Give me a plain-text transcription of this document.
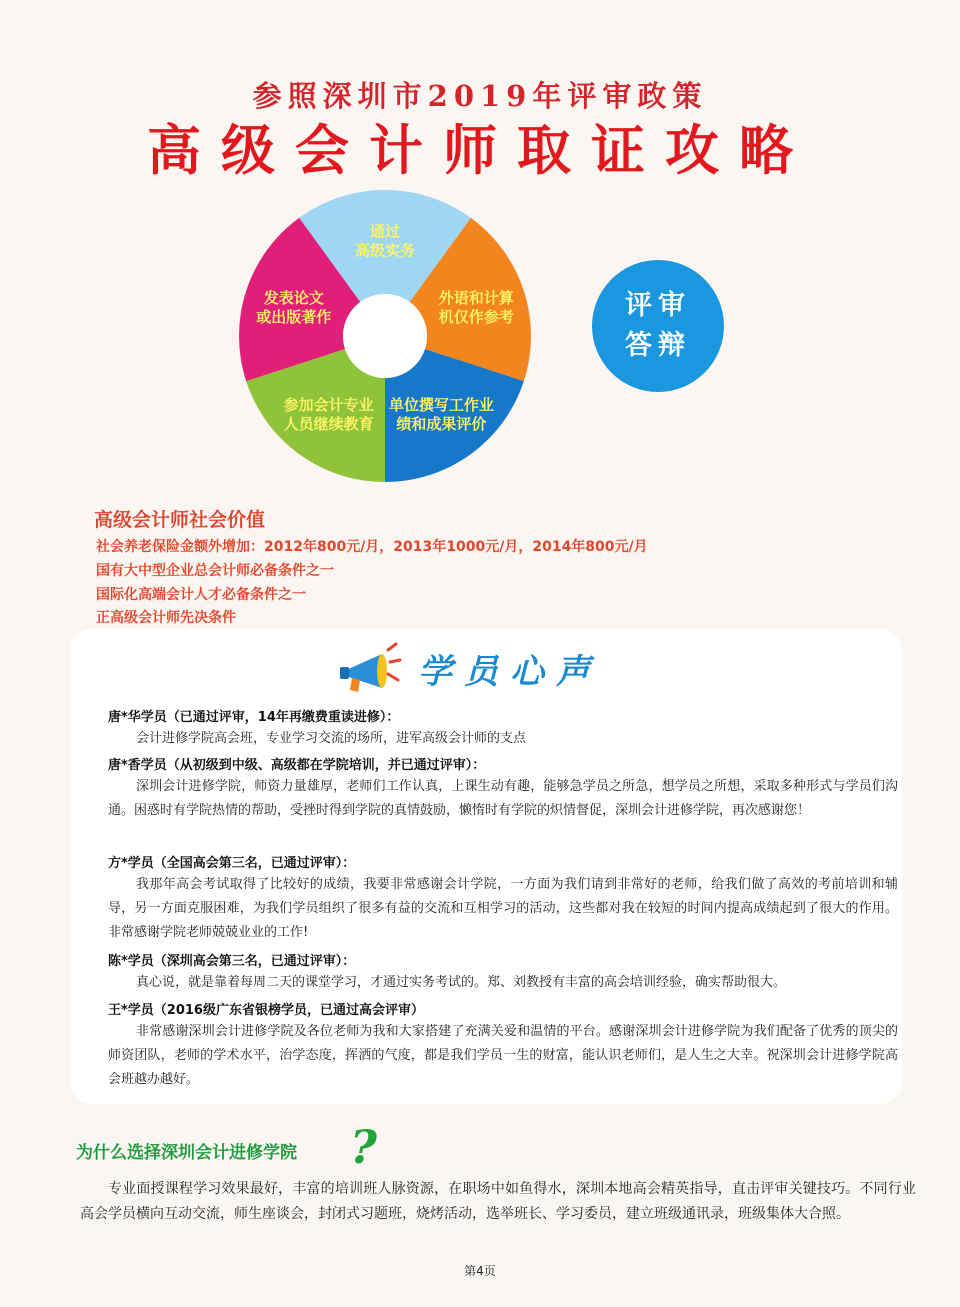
参照深圳市2019年评审政策
高级会计师取证攻略
通过
高级实务
外语和计算
机仅作参考
单位撰写工作业
绩和成果评价
参加会计专业
人员继续教育
发表论文
或出版著作	评审
答辩
高级会计师社会价值
社会养老保险金额外增加：2012年800元/月，2013年1000元/月，2014年800元/月
国有大中型企业总会计师必备条件之一
国际化高端会计人才必备条件之一
正高级会计师先决条件
学员心声
唐*华学员（已通过评审，14年再缴费重读进修）：
会计进修学院高会班，专业学习交流的场所，进军高级会计师的支点
唐*香学员（从初级到中级、高级都在学院培训，并已通过评审）：
深圳会计进修学院，师资力量雄厚，老师们工作认真，上课生动有趣，能够急学员之所急，想学员之所想，采取多种形式与学员们沟通。困惑时有学院热情的帮助，受挫时得到学院的真情鼓励，懒惰时有学院的炽情督促，深圳会计进修学院，再次感谢您！
方*学员（全国高会第三名，已通过评审）：
我那年高会考试取得了比较好的成绩，我要非常感谢会计学院，一方面为我们请到非常好的老师，给我们做了高效的考前培训和辅导，另一方面克服困难，为我们学员组织了很多有益的交流和互相学习的活动，这些都对我在较短的时间内提高成绩起到了很大的作用。非常感谢学院老师兢兢业业的工作!
陈*学员（深圳高会第三名，已通过评审）：
真心说，就是靠着每周二天的课堂学习，才通过实务考试的。郑、刘教授有丰富的高会培训经验，确实帮助很大。
王*学员（2016级广东省银榜学员，已通过高会评审）
非常感谢深圳会计进修学院及各位老师为我和大家搭建了充满关爱和温情的平台。感谢深圳会计进修学院为我们配备了优秀的顶尖的师资团队，老师的学术水平，治学态度，挥洒的气度，都是我们学员一生的财富，能认识老师们，是人生之大幸。祝深圳会计进修学院高会班越办越好。
为什么选择深圳会计进修学院 ?
专业面授课程学习效果最好，丰富的培训班人脉资源，在职场中如鱼得水，深圳本地高会精英指导，直击评审关键技巧。不同行业高会学员横向互动交流，师生座谈会，封闭式习题班，烧烤活动，选举班长、学习委员，建立班级通讯录，班级集体大合照。
第4页
